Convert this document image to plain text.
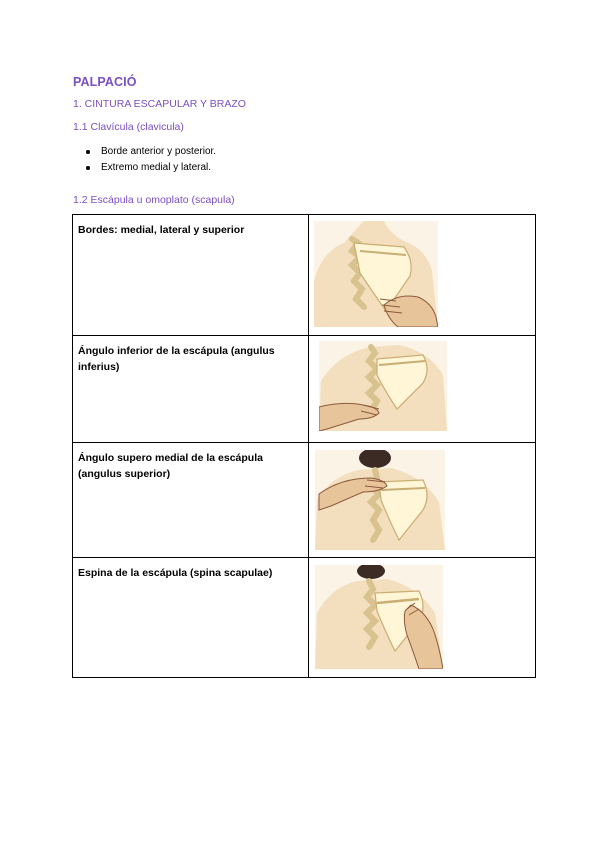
PALPACIÓ
1. CINTURA ESCAPULAR Y BRAZO
1.1 Clavícula (clavicula)
Borde anterior y posterior.
Extremo medial y lateral.
1.2 Escápula u omoplato (scapula)
Bordes: medial, lateral y superior	

Ángulo inferior de la escápula (angulus inferius)	

Ángulo supero medial de la escápula (angulus superior)	

Espina de la escápula (spina scapulae)	
